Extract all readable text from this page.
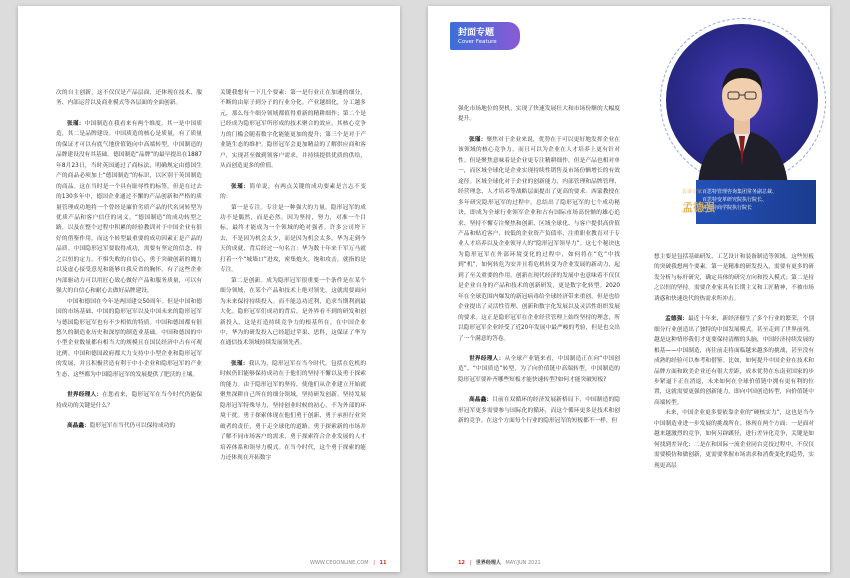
次的自主创新，这不仅仅是产品层面，还体现在技术、服务、内部运营以及商业模式等各层面的全面创新。

张瑾：中国制造在我看来有两个维度。其一是中国质造，其二是品牌建设。中国质造的核心是质量，有了质量的保证才可以有底气地价值链向中高端转型。中国制造的品牌建设没有其基础。德国制造“品牌”的最早提出在1887年8月23日，当时英国通过了商标法，明确规定由德国生产的商品必须加上“德国制造”的标识，以区别于英国制造的商品。这在当时是一个具有耻辱性的标签。但是在过去的130多年中，德国企业通过不懈的产品创新和严格的质量管理成功地将一个曾经是廉价劣质产品的代名词转型为优质产品和客户信任的词义。“德国制造”的成功转型之路，以及在整个过程中积累的经验教训对于中国企业有很好的借鉴作用，而这个转型最重要的成功因素正是产品的品质。中国隐形冠军要取得成功，需要有坚定的信念、持之以恒的定力、不惧失败的自信心，勇于突破创新的魄力以及虚心接受意见和能够自我反省的胸怀。有了这些企业内部驱动力可以用匠心致心做好产品和服务质量，可以有强大的自信心和耐心去做好品牌建设。

中国和德国在今年是两国建交50周年。但是中国和德国的市场基础、中国的隐形冠军以及中国未来的隐形冠军与德国隐形冠军也有不少相似的特质。中国和德国都有很悠久的制造业历史和深厚的制造业基础。中国和德国的中小型企业数量都有相当大的规模且在国民经济中占有可观比例。中国和德国政府都大力支持中小型企业和隐形冠军的发展，并且积极营造有利于中小企业和隐形冠军的产业生态，这些都为中国隐形冠军的发展提供了肥沃的土壤。

世界经理人：在您看来，隐形冠军在当今时代仍能保持成功的关键是什么？

高晶鑫：隐形冠军在当代仍可以保持成功的

关键我想有一下几个要素：第一是行业正在加速的细分，不断的由原子到分子的行业分化。产业越细化，分工越多元，那么每个细分领域都值得重新的精耕细作；第二个是已经成为隐形冠军所形成的技术聚合的效应，其核心竞争力的门槛会随着数字化能能更加的提升；第三个是对于产业链生态的维护。隐形冠军会更加精益的了解供应商和客户，实现甚至做到领客户需求，并持续提供优质的供给，从而创造更多的价值。

张瑾：简单说，有两点关键的成功要素是言志不变的：

第一是专注。专注是一种强大的力量。隐形冠军的成功不是偶然，而是必然。因为坚持，努力，对准一个目标，最终才能成为一个领域的绝对强者。许多公司垮下去，不是因为机会太少，而是因为机会太多。华为走到今天的成就，背后经过一句名言：华为数十年来千军万马就打着一个“城墙口”进攻，密集炮火，饱和攻击，就指的是专注。

第二是创新。成为隐形冠军很重要一个条件是在某个细分领域，在某个产品和技术上绝对领先。这就需要面向为未来保持持续投入。而不能急功近利，追求当期利润最大化。隐形冠军们成功的背后，是外界看不到的研发和创新投入，这是打造持续竞争力的根基所在。在中国企业中，华为的研发投入已经超过苹果、思科，这保证了华为在通信技术领域持续发展领先者。

张瑾：我认为，隐形冠军在当今时代，包括在危机的时候仍旧能够保持成功在于他们的坚持不懈以及勇于探索的能力。由于隐形冠军的坚持，使他们从企业建立开始就聚焦深耕自己所在的细分领域，坚持研发创新。坚持发展隐形冠军特殊导力，坚持创业时候的初心，不为外部的环境干扰。勇于探索体现在他们勇于创新、勇于承担行业突破者的责任，勇于走全球化的道路。勇于探索新的市场并了解不同市场客户的需求，勇于探索符合企业发展的人才培养体系和领导力模式。在当今时代，这个勇于探索的能力还体现在开拓数字

WWW.CEOONLINE.COM | 11
封面专题
Cover Feature

强化市场地位的契机，实现了快速发展壮大和市场份额的大幅度提升。

张瑾：聚焦对于企业来说，优势在于可以更好地发挥企业在该领域的核心竞争力，而且可以为企业在人才培养上更有针对性。但是聚焦意味着是企业更专注精耕细作，但是产品也相对单一，而区域全球化是企业实现持续性销售及市场份额增长的有效途径。区域全球化对于企业的创新能力、内部管理和品牌管理、经营理念、人才培养等战略层面提出了更高的要求。西蒙教授在多年研究隐形冠军的过程中，总结出了隐形冠军的七个成功秘诀，即成为全球行业领军企业和占有国际市场高份额的雄心追求、坚持不懈专注聚焦和创新、区域全球化、与客户提供高价值产品和贴近客户、较低的企业资产负债率、注重职业教育对于专业人才培养以及企业领导人的“隐形冠军领导力”。这七个秘诀也为隐形冠军在外部环境变化的过程中，如何将在“危”中找到“机”，如何转危为安并且将危机转变为企业发展的新动力，起到了至关重要的作用。创新在现代经济的发展中也意味着不仅仅是企业自身的产品和技术的创新研发，更是数字化转型。2020年在全球范围内爆发的新冠病毒给全球经济带来重创，但是也给企业提出了灵活性管理、创新和数字化发展以及灵活性组织发展的要求。这正是隐形冠军在企业经营管理上始终坚持的理念，所以隐形冠军企业经受了近20年发展中最严峻的考验，但是也交出了一个满意的答卷。

世界经理人：从全球产业链来看，中国制造正在向“中国创造”、“中国质造”转型，为了向价值链中高端转型，中国制造的隐形冠军要补齐哪些短板才能快速转型?如何才能突破短板?

高晶鑫：目前在双循环的经济发展新格局下，中国制造的隐形冠军更多需要参与国际化的循环，而这个循环更多是技术和创新的竞争。在这个方面每个行业的隐形冠军的短板都不一样，但

百思特管理咨询集团常务副总裁、
百思特变革研究院执行院长、
百思特商学院执行院长
访谈专家
孟德强

想主要是包括基础研发、工艺设计和装备制造等领域。这些短板的突破我想两个要素。第一是精准的研发投入，需要有更多的研发分析与标杆研究，确定具体的研究方向和投入模式；第二是持之以恒的坚持。需要企业家具有长期主义和工匠精神，不被市场诱惑和快速迭代的热需求所冲击。

孟德强：最近十年来，新经济催生了多个行业的繁荣，个别细分行业创造出了独特的中国发展模式，甚至走到了世界前列。越是这种情形我们才更要保持清醒的头脑，中国经济持续发展的根基——中国制造，再往前走将面临越来越多的挑战，甚至没有成熟的经验可以参考和借鉴。比如，如何提升中国企业在技术和品牌方面和欧美企业还有很大差距，成本优势在东南亚国家的步步紧逼下正在消退，未来如何在全球价值链中拥有更有利的位置，这就需要更强的创新能力，即向中国创造转型，向价值链中高端转型。

未来，中国企业更多要依靠企业的“硬核实力”，这也是当今中国制造业进一步发展的挑战所在。体现在两个方面：一是面对越来越激烈的竞争，如何另辟蹊径，进行差异化竞争，关键是如何找到差异化；二是在和国际一流企业同台竞技过程中，不仅仅需要模仿和做创新，更需要掌握市场需求和消费变化的趋势，实现更高层

12 | 世界经理人 MAY/JUN 2021
